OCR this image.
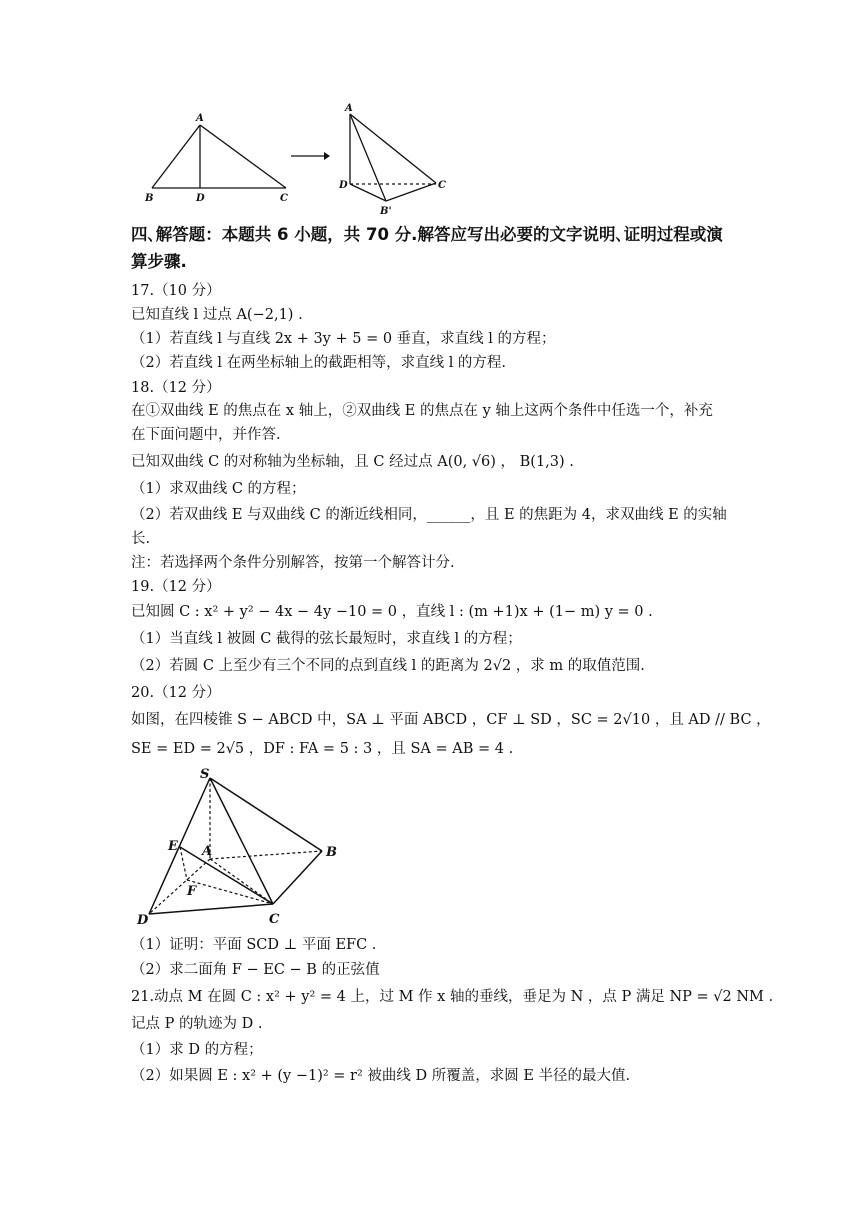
A
B	D	C
A
D	C
B'
四､解答题：本题共 6 小题，共 70 分.解答应写出必要的文字说明､证明过程或演
算步骤.
17.（10 分）
已知直线 l 过点 A(−2,1) .
（1）若直线 l 与直线 2x + 3y + 5 = 0 垂直，求直线 l 的方程；
（2）若直线 l 在两坐标轴上的截距相等，求直线 l 的方程.
18.（12 分）
在①双曲线 E 的焦点在 x 轴上，②双曲线 E 的焦点在 y 轴上这两个条件中任选一个，补充
在下面问题中，并作答.
已知双曲线 C 的对称轴为坐标轴，且 C 经过点 A(0, √6) ， B(1,3) .
（1）求双曲线 C 的方程；
（2）若双曲线 E 与双曲线 C 的渐近线相同，______，且 E 的焦距为 4，求双曲线 E 的实轴
长.
注：若选择两个条件分别解答，按第一个解答计分.
19.（12 分）
已知圆 C : x² + y² − 4x − 4y −10 = 0 ，直线 l : (m +1)x + (1− m) y = 0 .
（1）当直线 l 被圆 C 截得的弦长最短时，求直线 l 的方程；
（2）若圆 C 上至少有三个不同的点到直线 l 的距离为 2√2 ，求 m 的取值范围.
20.（12 分）
如图，在四棱锥 S − ABCD 中，SA ⊥ 平面 ABCD ，CF ⊥ SD ，SC = 2√10 ，且 AD // BC ，
SE = ED = 2√5 ，DF : FA = 5 : 3 ，且 SA = AB = 4 .
S
A	B
C
D
E
F
（1）证明：平面 SCD ⊥ 平面 EFC .
（2）求二面角 F − EC − B 的正弦值
21.动点 M 在圆 C : x² + y² = 4 上，过 M 作 x 轴的垂线，垂足为 N ，点 P 满足 NP = √2 NM .
记点 P 的轨迹为 D .
（1）求 D 的方程；
（2）如果圆 E : x² + (y −1)² = r² 被曲线 D 所覆盖，求圆 E 半径的最大值.
